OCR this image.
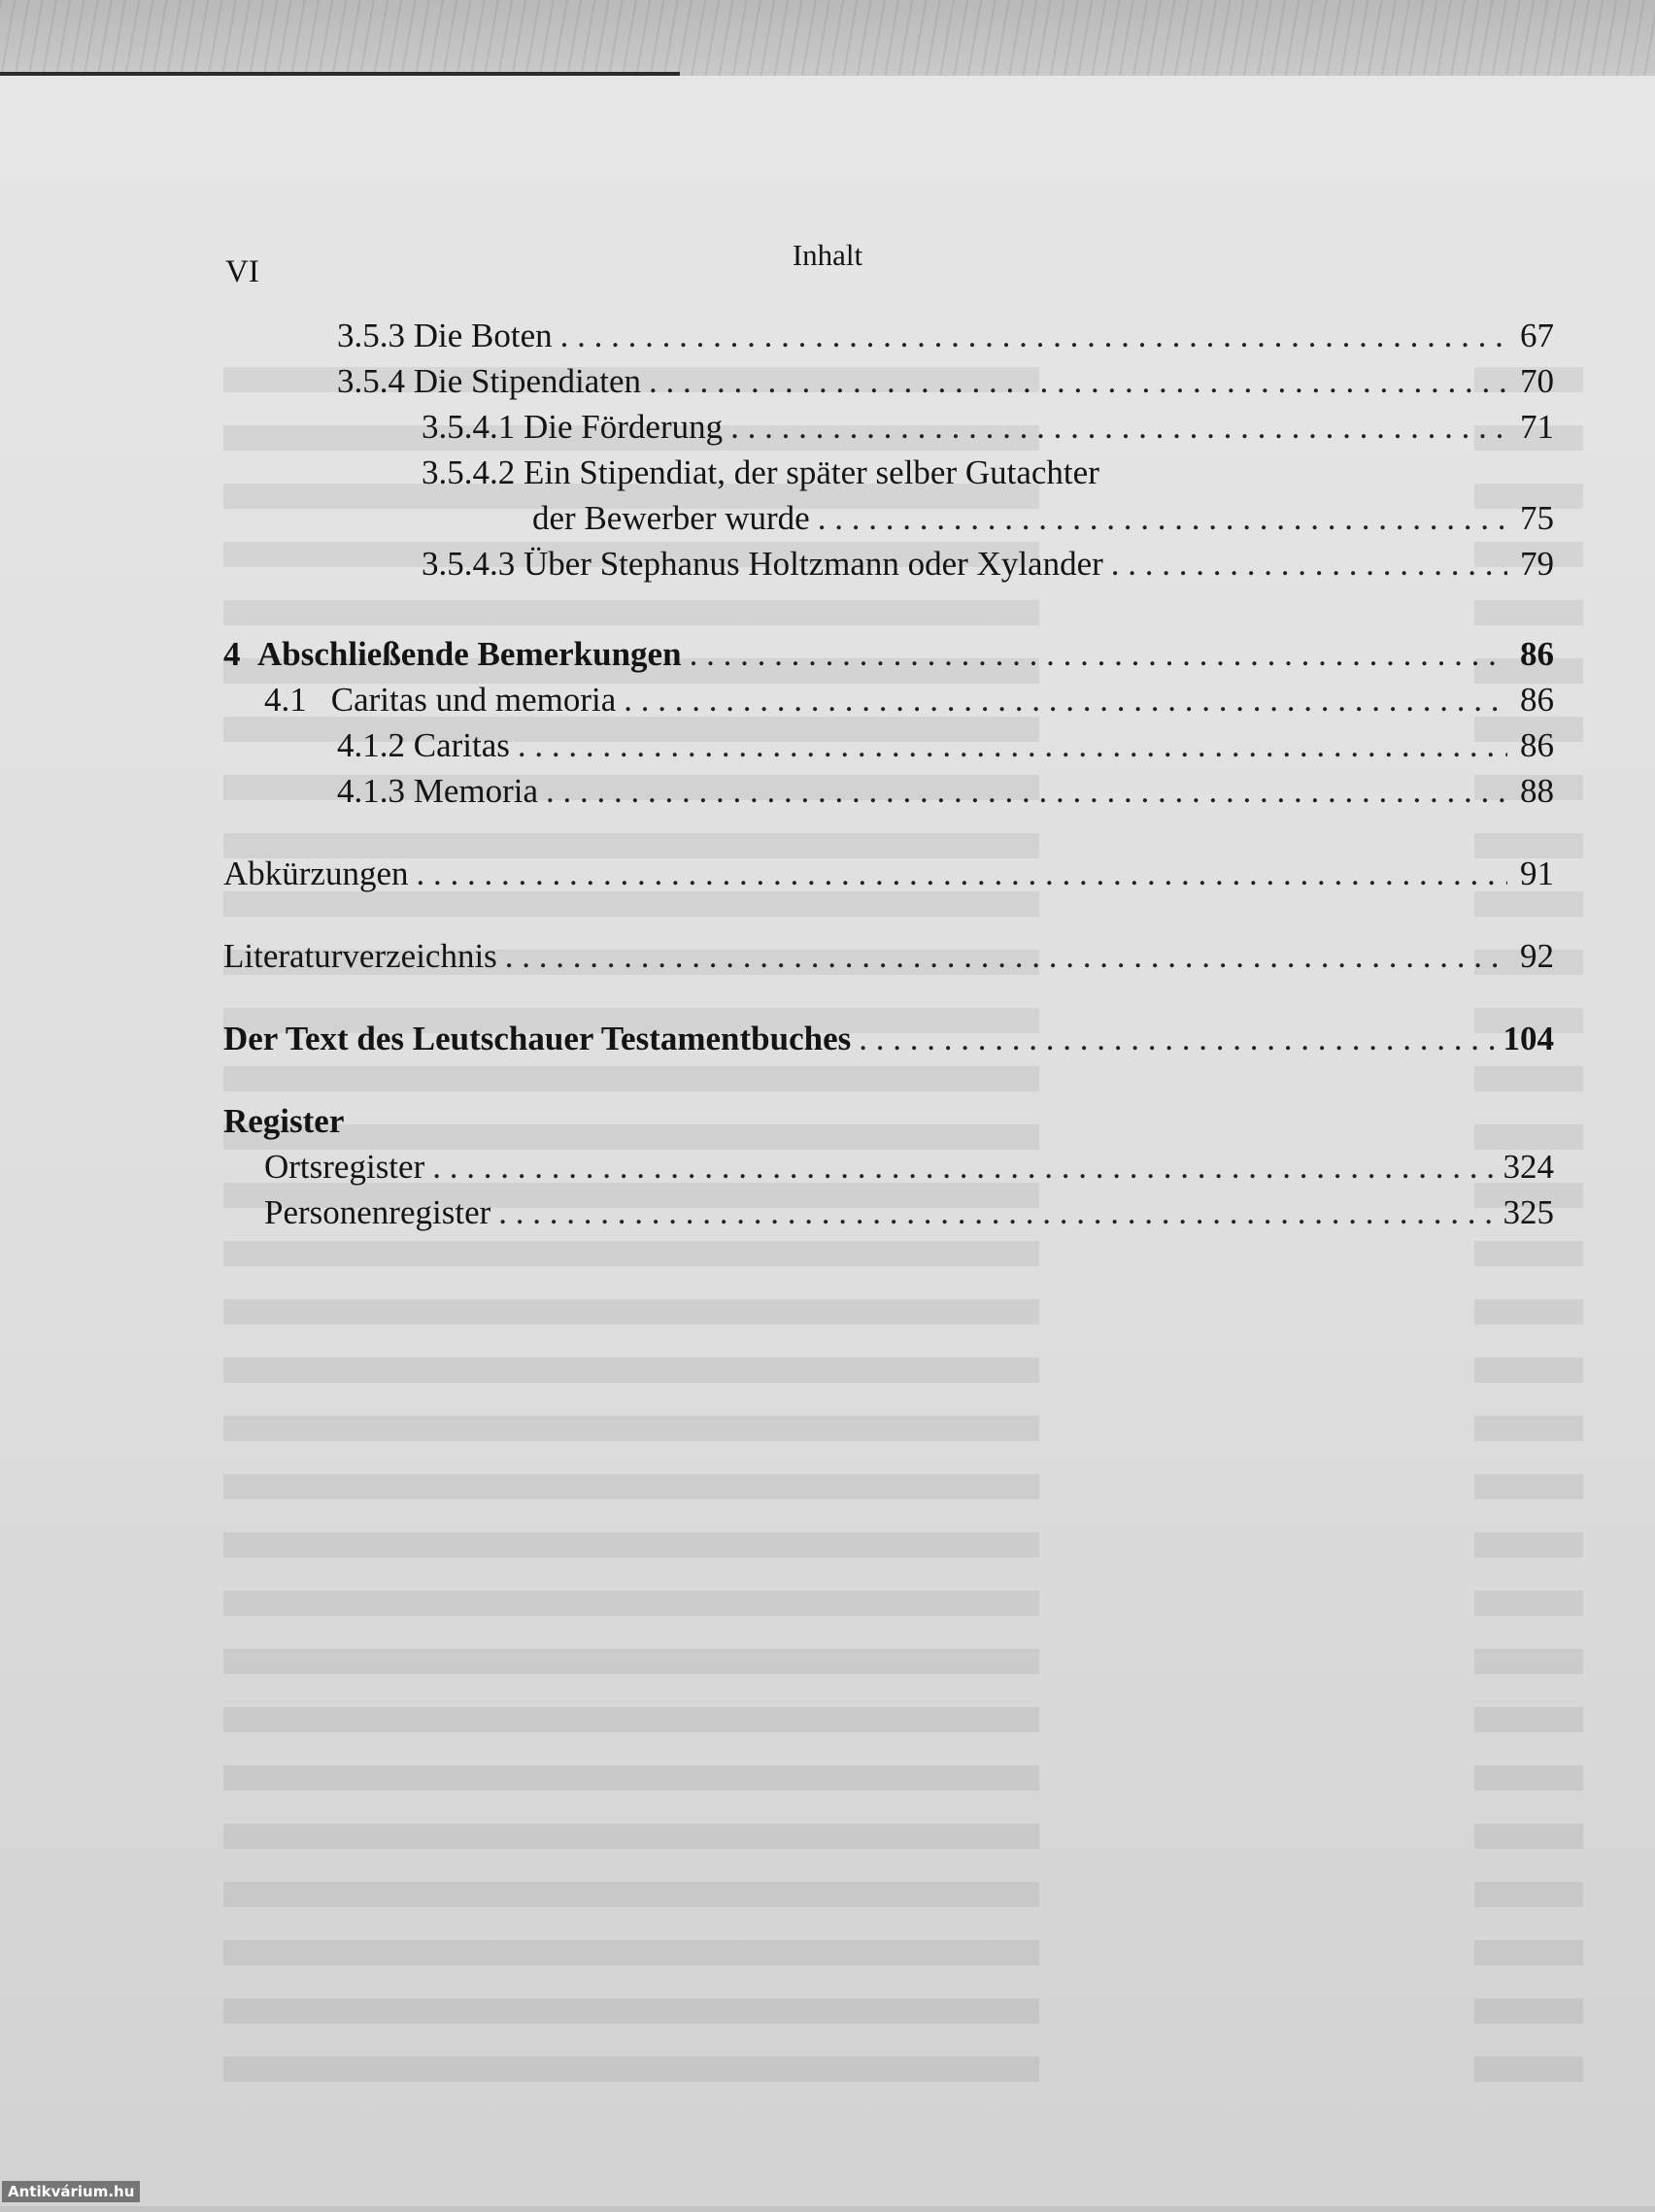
Inhalt
VI
3.5.3 Die Boten . . .	67
3.5.4 Die Stipendiaten . . .	70
3.5.4.1 Die Förderung . . .	71
3.5.4.2 Ein Stipendiat, der später selber Gutachter
der Bewerber wurde . . .	75
3.5.4.3 Über Stephanus Holtzmann oder Xylander . . .	79
4 Abschließende Bemerkungen . . .	86
4.1 Caritas und memoria . . .	86
4.1.2 Caritas . . .	86
4.1.3 Memoria . . .	88
Abkürzungen . . .	91
Literaturverzeichnis . . .	92
Der Text des Leutschauer Testamentbuches . . .	104
Register
Ortsregister . . .	324
Personenregister . . .	325
Antikvárium.hu
